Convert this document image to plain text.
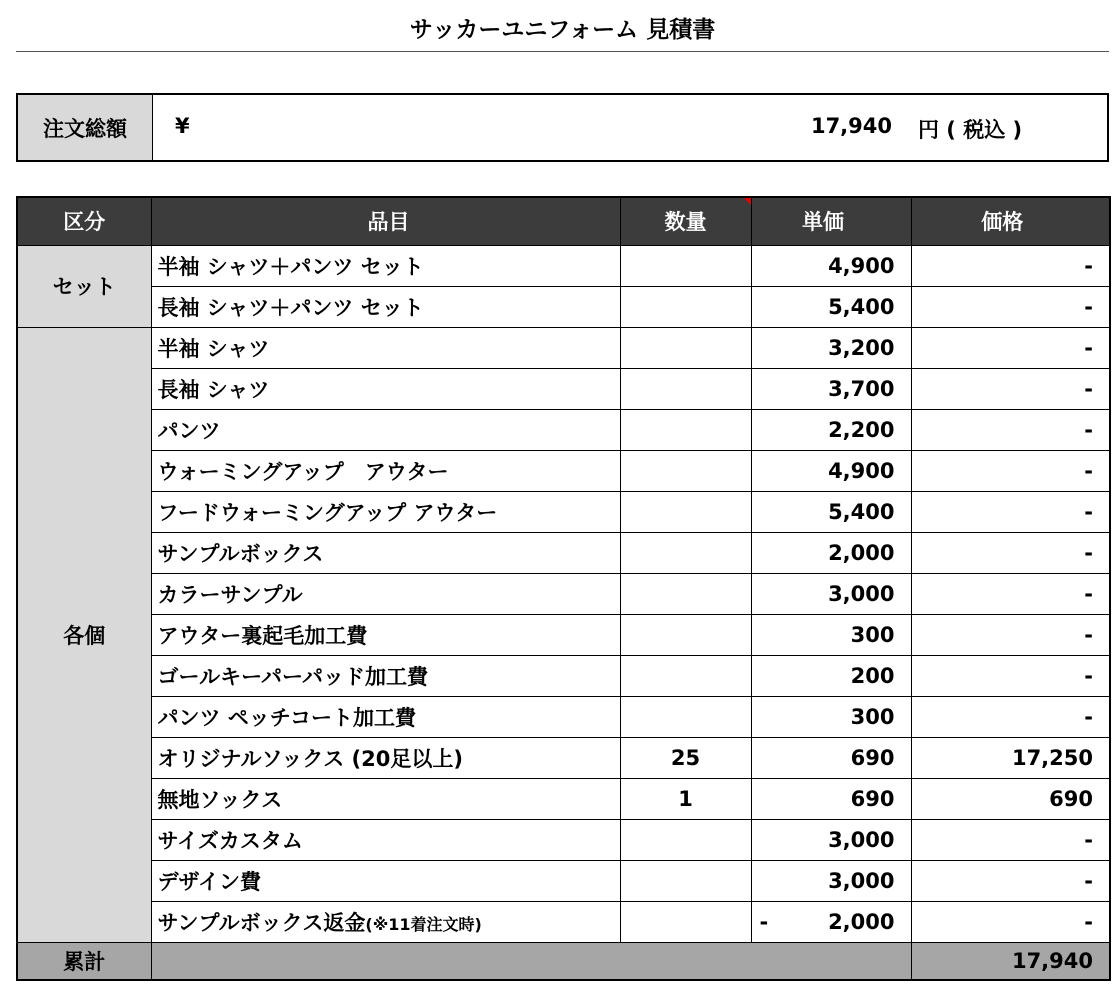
サッカーユニフォーム 見積書
注文総額	¥	17,940 円 ( 税込 )
区分	品目	数量	単価	価格
セット	半袖 シャツ＋パンツ セット		4,900	-
	長袖 シャツ＋パンツ セット		5,400	-
各個	半袖 シャツ		3,200	-
	長袖 シャツ		3,700	-
	パンツ		2,200	-
	ウォーミングアップ　アウター		4,900	-
	フードウォーミングアップ アウター		5,400	-
	サンプルボックス		2,000	-
	カラーサンプル		3,000	-
	アウター裏起毛加工費		300	-
	ゴールキーパーパッド加工費		200	-
	パンツ ペッチコート加工費		300	-
	オリジナルソックス (20足以上)	25	690	17,250
	無地ソックス	1	690	690
	サイズカスタム		3,000	-
	デザイン費		3,000	-
	サンプルボックス返金(※11着注文時)		- 2,000	-
累計				17,940
